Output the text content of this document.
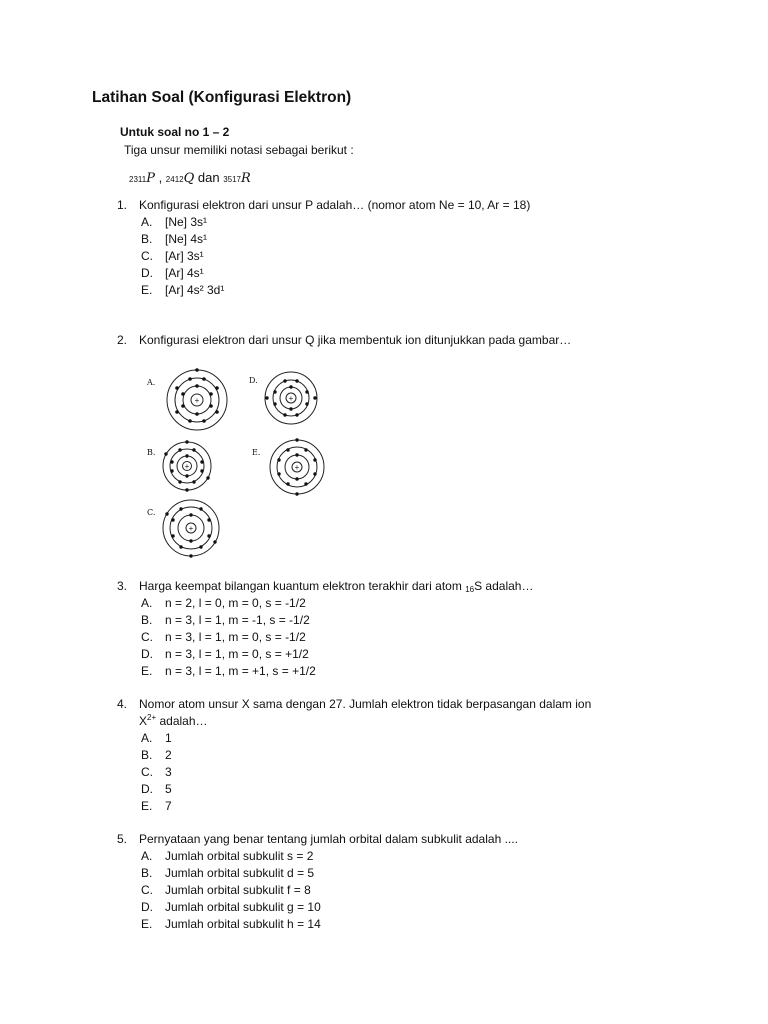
Latihan Soal (Konfigurasi Elektron)
Untuk soal no 1 – 2
Tiga unsur memiliki notasi sebagai berikut :
2311P , 2412Q dan 3517R
1. Konfigurasi elektron dari unsur P adalah… (nomor atom Ne = 10, Ar = 18)
A. [Ne] 3s¹
B. [Ne] 4s¹
C. [Ar] 3s¹
D. [Ar] 4s¹
E. [Ar] 4s² 3d¹
2. Konfigurasi elektron dari unsur Q jika membentuk ion ditunjukkan pada gambar…
A.
+
D.
+
B.
+
E.
+
C.
+
3. Harga keempat bilangan kuantum elektron terakhir dari atom 16S adalah…
A. n = 2, l = 0, m = 0, s = -1/2
B. n = 3, l = 1, m = -1, s = -1/2
C. n = 3, l = 1, m = 0, s = -1/2
D. n = 3, l = 1, m = 0, s = +1/2
E. n = 3, l = 1, m = +1, s = +1/2
4. Nomor atom unsur X sama dengan 27. Jumlah elektron tidak berpasangan dalam ion
$X^{2+}$ adalah…
A. 1
B. 2
C. 3
D. 5
E. 7
5. Pernyataan yang benar tentang jumlah orbital dalam subkulit adalah ....
A. Jumlah orbital subkulit s = 2
B. Jumlah orbital subkulit d = 5
C. Jumlah orbital subkulit f = 8
D. Jumlah orbital subkulit g = 10
E. Jumlah orbital subkulit h = 14
